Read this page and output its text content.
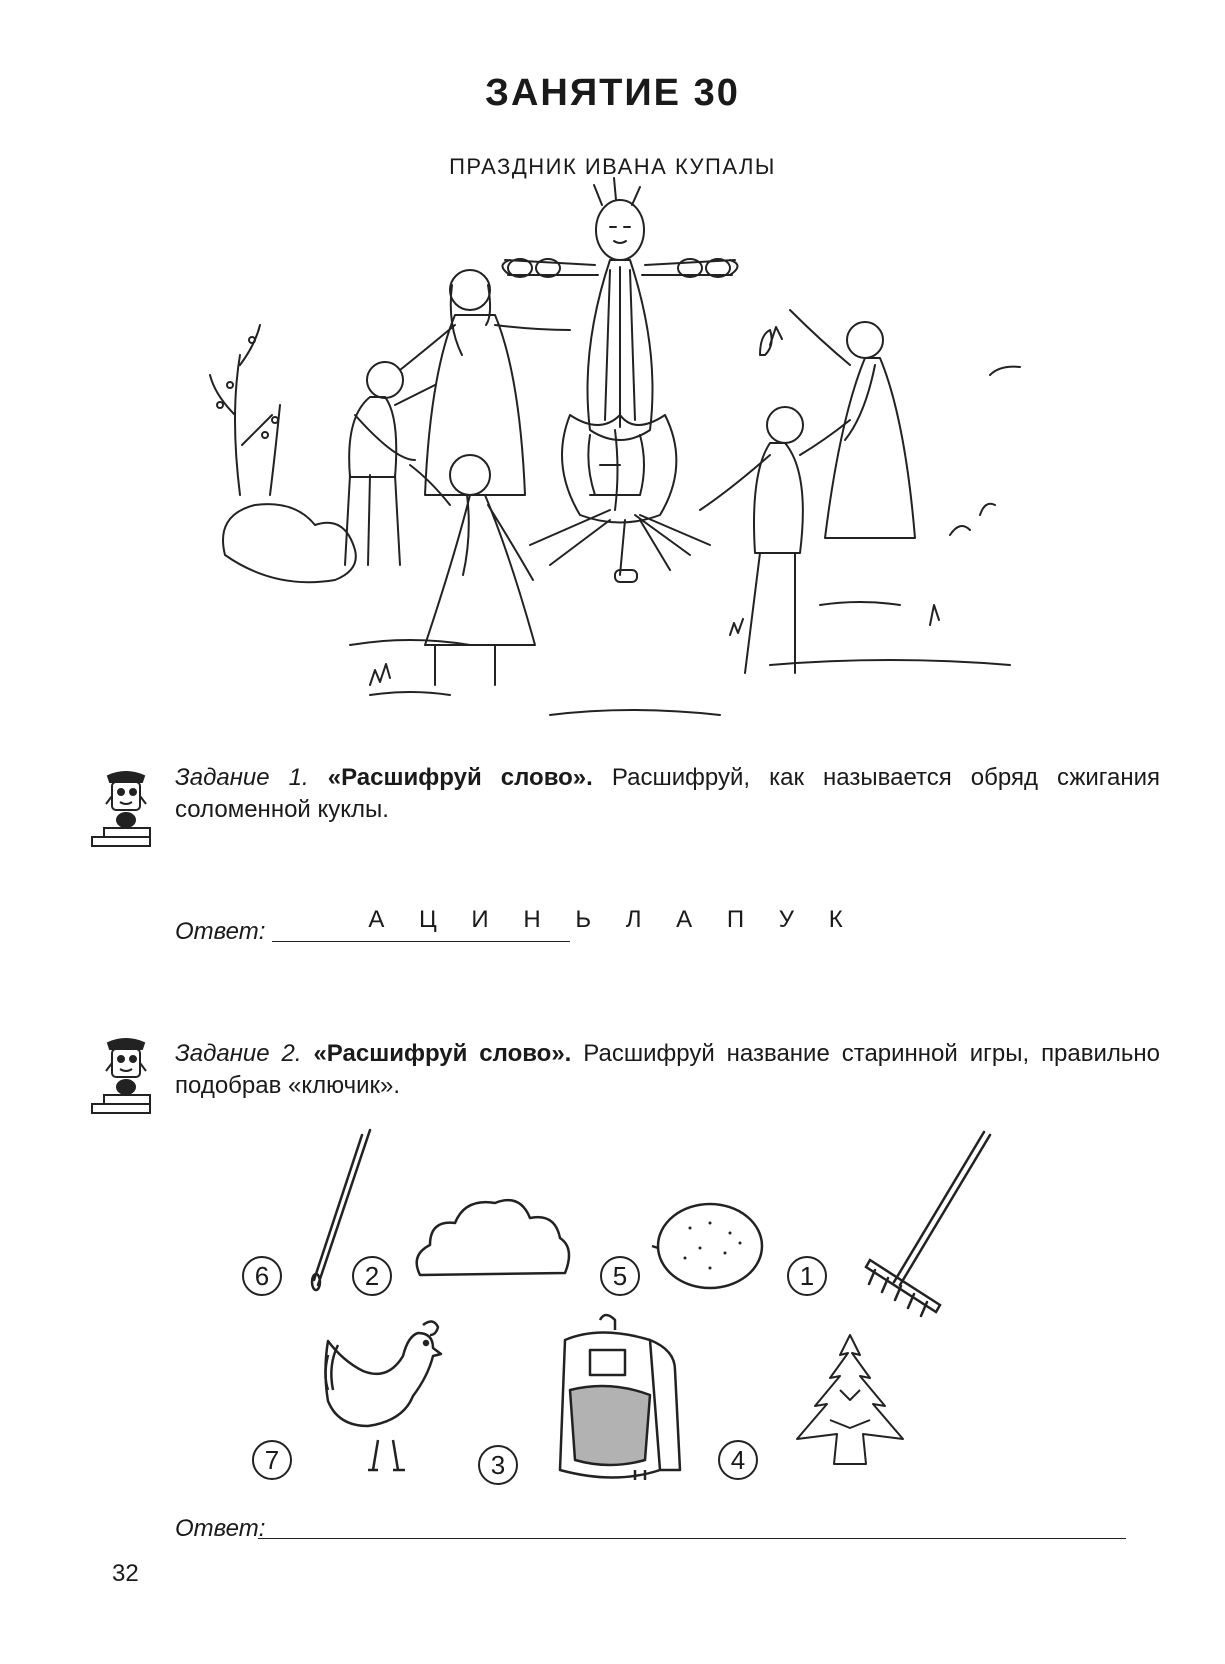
ЗАНЯТИЕ 30
ПРАЗДНИК ИВАНА КУПАЛЫ
Задание 1. «Расшифруй слово». Расшифруй, как называется обряд сжигания соломенной куклы.
А Ц И Н Ь Л А П У К
Ответ:
Задание 2. «Расшифруй слово». Расшифруй название старинной игры, правильно подобрав «ключик».
6	2	5	1
7	3	4
Ответ:
32
